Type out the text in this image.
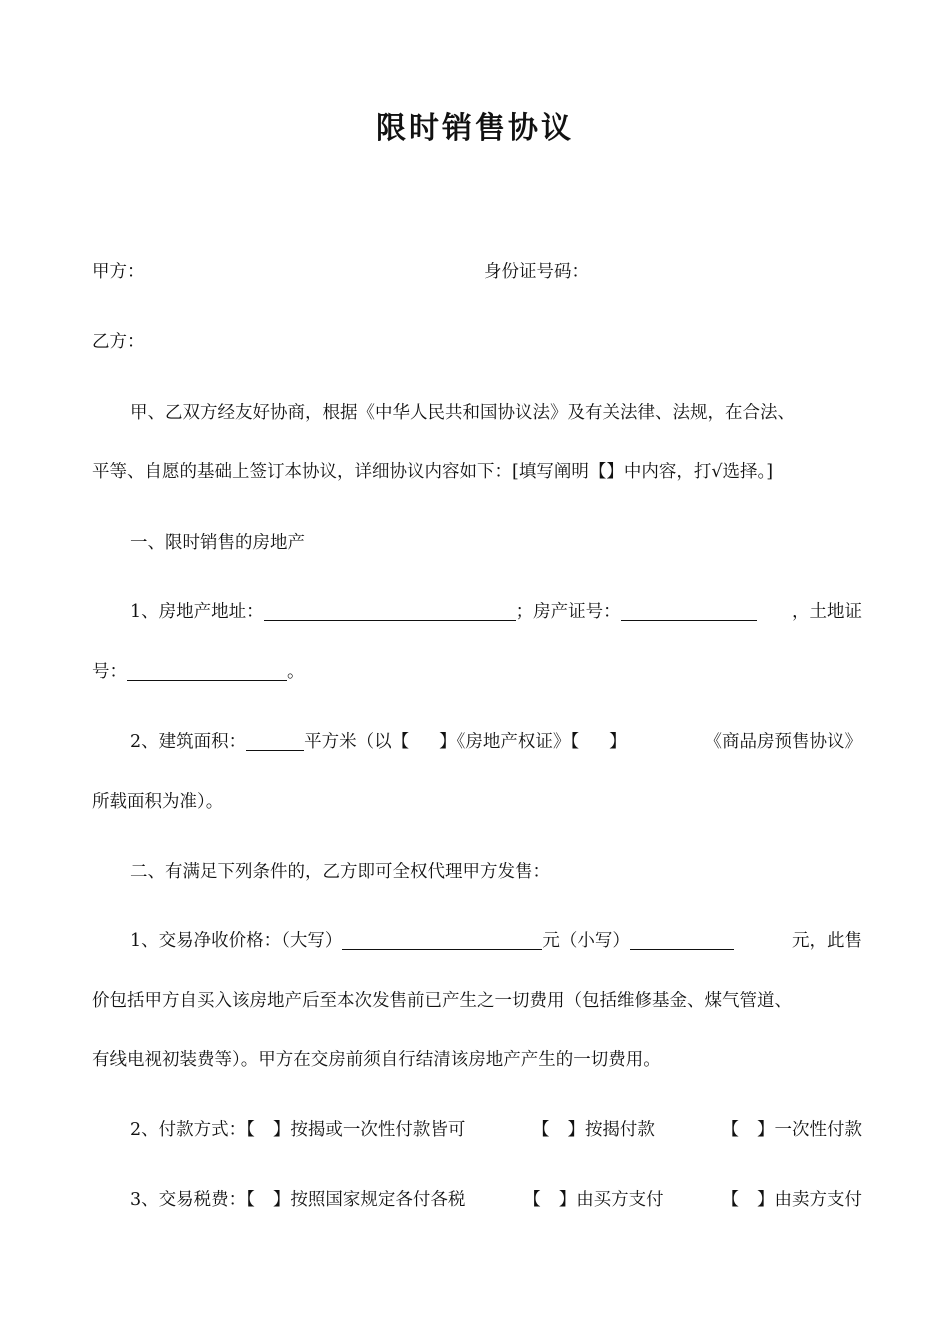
限时销售协议
甲方：	身份证号码：
乙方：
甲、乙双方经友好协商，根据《中华人民共和国协议法》及有关法律、法规，在合法、
平等、自愿的基础上签订本协议，详细协议内容如下：[填写阐明【】中内容，打√选择。]
一、限时销售的房地产
1、房地产地址：	；房产证号：	，土地证
号：	。
2、建筑面积：	平方米（以【 】《房地产权证》【 】	《商品房预售协议》
所载面积为准）。
二、有满足下列条件的，乙方即可全权代理甲方发售：
1、交易净收价格：（大写）	元（小写）	元，此售
价包括甲方自买入该房地产后至本次发售前已产生之一切费用（包括维修基金、煤气管道、
有线电视初装费等）。甲方在交房前须自行结清该房地产产生的一切费用。
2、付款方式：【 】按揭或一次性付款皆可	【 】按揭付款	【 】一次性付款
3、交易税费：【 】按照国家规定各付各税	【 】由买方支付	【 】由卖方支付
